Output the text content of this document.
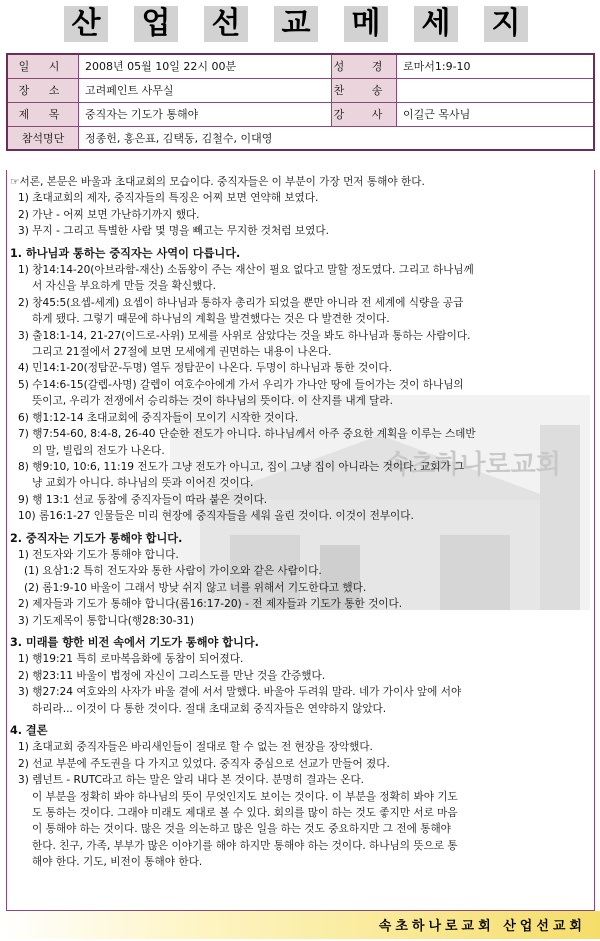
산 업 선 교 메 세 지
일 시	2008년 05월 10일 22시 00분	성 경	로마서1:9-10
장 소	고려페인트 사무실	찬 송	
제 목	중직자는 기도가 통해야	강 사	이길근 목사님
참석명단	정종헌, 홍은표, 김택동, 김철수, 이대영		
속초하나로교회

☞서론, 본문은 바울과 초대교회의 모습이다. 중직자들은 이 부분이 가장 먼저 통해야 한다.

1) 초대교회의 제자, 중직자들의 특징은 어찌 보면 연약해 보였다.

2) 가난 - 어찌 보면 가난하기까지 했다.

3) 무지 - 그리고 특별한 사람 몇 명을 빼고는 무지한 것처럼 보였다.

1. 하나님과 통하는 중직자는 사역이 다릅니다.

1) 창14:14-20(아브라함-재산) 소돔왕이 주는 재산이 필요 없다고 말할 정도였다. 그리고 하나님께

서 자신을 부요하게 만들 것을 확신했다.

2) 창45:5(요셉-세계) 요셉이 하나님과 통하자 총리가 되었을 뿐만 아니라 전 세계에 식량을 공급

하게 됐다. 그렇기 때문에 하나님의 계획을 발견했다는 것은 다 발견한 것이다.

3) 출18:1-14, 21-27(이드로-사위) 모세를 사위로 삼았다는 것을 봐도 하나님과 통하는 사람이다.

그리고 21절에서 27절에 보면 모세에게 권면하는 내용이 나온다.

4) 민14:1-20(정탐꾼-두명) 열두 정탐꾼이 나온다. 두명이 하나님과 통한 것이다.

5) 수14:6-15(갈렙-사명) 갈렙이 여호수아에게 가서 우리가 가나안 땅에 들어가는 것이 하나님의

뜻이고, 우리가 전쟁에서 승리하는 것이 하나님의 뜻이다. 이 산지를 내게 달라.

6) 행1:12-14 초대교회에 중직자들이 모이기 시작한 것이다.

7) 행7:54-60, 8:4-8, 26-40 단순한 전도가 아니다. 하나님께서 아주 중요한 계획을 이루는 스데반

의 말, 빌립의 전도가 나온다.

8) 행9:10, 10:6, 11:19 전도가 그냥 전도가 아니고, 집이 그냥 집이 아니라는 것이다. 교회가 그

냥 교회가 아니다. 하나님의 뜻과 이어진 것이다.

9) 행 13:1 선교 동참에 중직자들이 따라 붙은 것이다.

10) 롬16:1-27 인물들은 미리 현장에 중직자들을 세워 올린 것이다. 이것이 전부이다.

2. 중직자는 기도가 통해야 합니다.

1) 전도자와 기도가 통해야 합니다.

(1) 요삼1:2 특히 전도자와 통한 사람이 가이오와 같은 사람이다.

(2) 롬1:9-10 바울이 그래서 방낮 쉬지 않고 너를 위해서 기도한다고 했다.

2) 제자들과 기도가 통해야 합니다(롬16:17-20) - 전 제자들과 기도가 통한 것이다.

3) 기도제목이 통합니다(행28:30-31)

3. 미래를 향한 비전 속에서 기도가 통해야 합니다.

1) 행19:21 특히 로마복음화에 동참이 되어졌다.

2) 행23:11 바울이 법정에 자신이 그리스도를 만난 것을 간증했다.

3) 행27:24 여호와의 사자가 바울 곁에 서서 말했다. 바울아 두려워 말라. 네가 가이사 앞에 서야

하리라... 이것이 다 통한 것이다. 절대 초대교회 중직자들은 연약하지 않았다.

4. 결론

1) 초대교회 중직자들은 바리새인들이 절대로 할 수 없는 전 현장을 장악했다.

2) 선교 부분에 주도권을 다 가지고 있었다. 중직자 중심으로 선교가 만들어 졌다.

3) 렘넌트 - RUTC라고 하는 말은 알리 내다 본 것이다. 분명히 결과는 온다.

이 부분을 정확히 봐야 하나님의 뜻이 무엇인지도 보이는 것이다. 이 부분을 정확히 봐야 기도

도 통하는 것이다. 그래야 미래도 제대로 볼 수 있다. 회의를 많이 하는 것도 좋지만 서로 마음

이 통해야 하는 것이다. 많은 것을 의논하고 많은 일을 하는 것도 중요하지만 그 전에 통해야

한다. 친구, 가족, 부부가 많은 이야기를 해야 하지만 통해야 하는 것이다. 하나님의 뜻으로 통

해야 한다. 기도, 비전이 통해야 한다.

속초하나로교회 산업선교회
